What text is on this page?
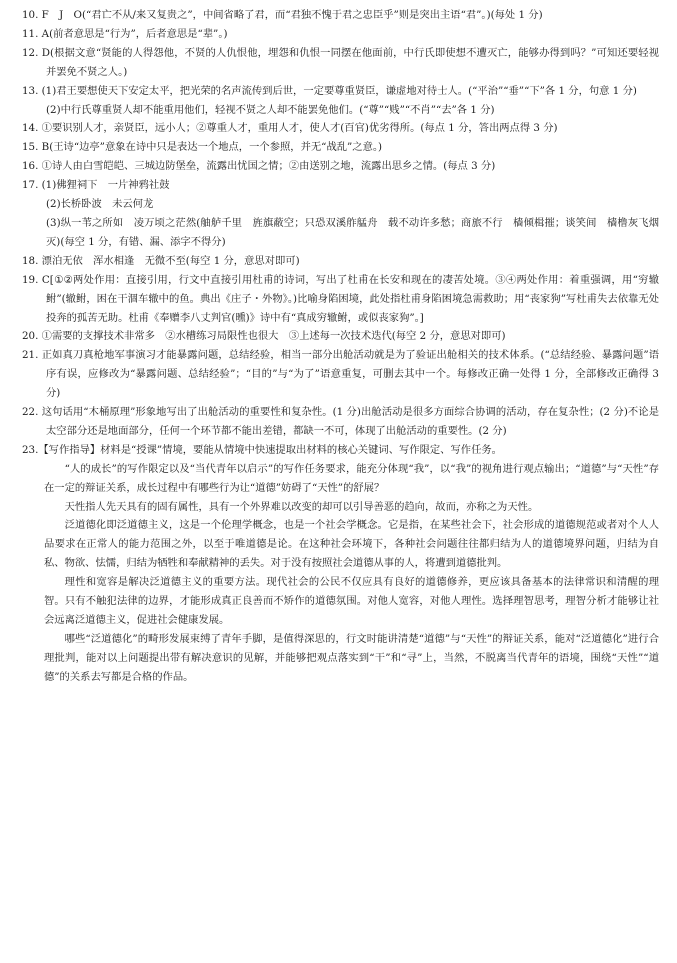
10. F　J　O(“君亡不从/来又复贵之”，中间省略了君，而“君独不愧于君之忠臣乎”则是突出主语“君”。)(每处 1 分)

11. A(前者意思是“行为”，后者意思是“辈”。)

12. D(根据文意“贤能的人得怨他，不贤的人仇恨他，埋怨和仇恨一同摆在他面前，中行氏即使想不遭灭亡，能够办得到吗？”可知还要轻视并罢免不贤之人。)

13. (1)君王要想使天下安定太平，把光荣的名声流传到后世，一定要尊重贤臣，谦虚地对待士人。(“平治”“垂”“下”各 1 分，句意 1 分)

(2)中行氏尊重贤人却不能重用他们，轻视不贤之人却不能罢免他们。(“尊”“贱”“不肖”“去”各 1 分)

14. ①要识别人才，亲贤臣，远小人；②尊重人才，重用人才，使人才(百官)优劣得所。(每点 1 分，答出两点得 3 分)

15. B(王诗“边亭”意象在诗中只是表达一个地点，一个参照，并无“战乱”之意。)

16. ①诗人由白雪皑皑、三城边防堡垒，流露出忧国之情；②由送别之地，流露出思乡之情。(每点 3 分)

17. (1)佛狸祠下　一片神鸦社鼓

(2)长桥卧波　未云何龙

(3)纵一苇之所如　凌万顷之茫然(舳舻千里　旌旗蔽空；只恐双溪舴艋舟　载不动许多愁；商旅不行　樯倾楫摧；谈笑间　樯橹灰飞烟灭)(每空 1 分，有错、漏、添字不得分)

18. 漂泊无依　浑水相逢　无微不至(每空 1 分，意思对即可)

19. C[①②两处作用：直接引用，行文中直接引用杜甫的诗词，写出了杜甫在长安和现在的凄苦处境。③④两处作用：着重强调，用“穷辙鲋”(辙鲋，困在干涸车辙中的鱼。典出《庄子・外物》。)比喻身陷困境，此处指杜甫身陷困境急需救助；用“丧家狗”写杜甫失去依靠无处投奔的孤苦无助。杜甫《奉赠李八丈判官(曛)》诗中有“真成穷辙鲋，或似丧家狗”。]

20. ①需要的支撑技术非常多　②水槽练习局限性也很大　③上述每一次技术迭代(每空 2 分，意思对即可)

21. 正如真刀真枪地军事演习才能暴露问题，总结经验，相当一部分出舱活动就是为了验证出舱相关的技术体系。(“总结经验、暴露问题”语序有误，应修改为“暴露问题、总结经验”；“目的”与“为了”语意重复，可删去其中一个。每修改正确一处得 1 分，全部修改正确得 3 分)

22. 这句话用“木桶原理”形象地写出了出舱活动的重要性和复杂性。(1 分)出舱活动是很多方面综合协调的活动，存在复杂性；(2 分)不论是太空部分还是地面部分，任何一个环节都不能出差错，都缺一不可，体现了出舱活动的重要性。(2 分)

23.【写作指导】材料是“授课”情境，要能从情境中快速提取出材料的核心关键词、写作限定、写作任务。

“人的成长”的写作限定以及“当代青年以启示”的写作任务要求，能充分体现“我”，以“我”的视角进行观点输出；“道德”与“天性”存在一定的辩证关系，成长过程中有哪些行为让“道德”妨碍了“天性”的舒展？

天性指人先天具有的固有属性，具有一个外界难以改变的却可以引导善恶的趋向，故而，亦称之为天性。

泛道德化即泛道德主义，这是一个伦理学概念，也是一个社会学概念。它是指，在某些社会下，社会形成的道德规范或者对个人人品要求在正常人的能力范围之外，以至于唯道德是论。在这种社会环境下，各种社会问题往往都归结为人的道德境界问题，归结为自私、物欲、怯懦，归结为牺牲和奉献精神的丢失。对于没有按照社会道德从事的人，将遭到道德批判。

理性和宽容是解决泛道德主义的重要方法。现代社会的公民不仅应具有良好的道德修养，更应该具备基本的法律常识和清醒的理智。只有不触犯法律的边界，才能形成真正良善而不矫作的道德氛围。对他人宽容，对他人理性。选择理智思考，理智分析才能够让社会远离泛道德主义，促进社会健康发展。

哪些“泛道德化”的畸形发展束缚了青年手脚，是值得深思的，行文时能讲清楚“道德”与“天性”的辩证关系，能对“泛道德化”进行合理批判，能对以上问题提出带有解决意识的见解，并能够把观点落实到“干”和“寻”上，当然，不脱离当代青年的语境，围绕“天性”“道德”的关系去写都是合格的作品。
